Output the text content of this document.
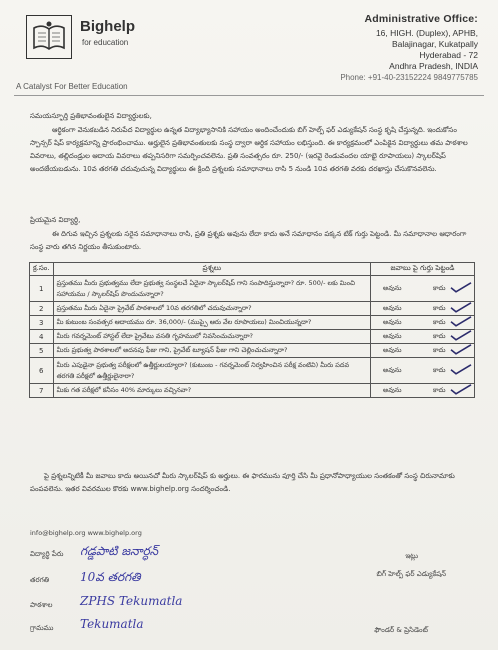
Bighelp
for education
A Catalyst For Better Education
Administrative Office:
16, HIGH. (Duplex), APHB,
Balajinagar, Kukatpally
Hyderabad - 72
Andhra Pradesh, INDIA
Phone: +91-40-23152224 9849775785
సమయస్ఫూర్తి ప్రతిభావంతులైన విద్యార్థులకు,

ఆర్థికంగా వెనుకబడిన నిరుపేద విద్యార్థుల ఉన్నత విద్యాభ్యాసానికి సహాయం అందించేందుకు బిగ్ హెల్ప్ ఫర్ ఎడ్యుకేషన్ సంస్థ కృషి చేస్తున్నది. ఇందుకోసం స్పాన్సర్ షిప్ కార్యక్రమాన్ని ప్రారంభించాము. అర్హులైన ప్రతిభావంతులకు సంస్థ ద్వారా ఆర్థిక సహాయం లభిస్తుంది. ఈ కార్యక్రమంలో ఎంపికైన విద్యార్థులు తమ పాఠశాల వివరాలు, తల్లిదండ్రుల ఆదాయ వివరాలు తప్పనిసరిగా సమర్పించవలెను. ప్రతి సంవత్సరం రూ. 250/- (ఇరవై రెండువందల యాభై రూపాయలు) స్కాలర్‌షిప్ అందజేయబడును. 10వ తరగతి చదువుచున్న విద్యార్థులు ఈ క్రింది ప్రశ్నలకు సమాధానాలు రాసి 5 నుండి 10వ తరగతి వరకు దరఖాస్తు చేసుకొనవలెను.

ప్రియమైన విద్యార్థి,

ఈ దిగువ ఇచ్చిన ప్రశ్నలకు సరైన సమాధానాలు రాసి, ప్రతి ప్రశ్నకు అవును లేదా కాదు అనే సమాధానం పక్కన టిక్ గుర్తు పెట్టండి. మీ సమాధానాల ఆధారంగా సంస్థ వారు తగిన నిర్ణయం తీసుకుంటారు.

క్ర.సం.	ప్రశ్నలు	జవాబు పై గుర్తు పెట్టండి
1	ప్రస్తుతము మీరు ప్రభుత్వము లేదా ప్రభుత్వ సంస్థలచే ఏదైనా స్కాలర్‌షిప్ గాని సంపాదిస్తున్నారా? రూ. 500/- లకు మించి సహాయము / స్కాలర్‌షిప్ పొందుచున్నారా?	అవును కాదు

2	ప్రస్తుతము మీరు ఏదైనా ప్రైవేట్ పాఠశాలలో 10వ తరగతిలో చదువుచున్నారా?	అవును కాదు

3	మీ కుటుంబ సంవత్సర ఆదాయము రూ. 36,000/- (ముప్పై ఆరు వేల రూపాయలు) మించియున్నదా?	అవును కాదు

4	మీరు గవర్నమెంట్ హాస్టల్ లేదా ప్రైవేటు వసతి గృహములో నివసించుచున్నారా?	అవును కాదు

5	మీరు ప్రభుత్వ పాఠశాలలో అదనపు ఫీజు గాని, ప్రైవేట్ ట్యూషన్ ఫీజు గాని చెల్లించుచున్నారా?	అవును కాదు

6	మీరు ఎపుడైనా ప్రభుత్వ పరీక్షలలో ఉత్తీర్ణులయ్యారా? (కుటుంబ - గవర్నమెంట్ నిర్వహించిన పరీక్ష వంటివి) మీరు పదవ తరగతి పరీక్షలో ఉత్తీర్ణులైనారా?	అవును కాదు

7	మీకు గత పరీక్షలో కనీసం 40% మార్కులు వచ్చినవా?	అవును కాదు

పై ప్రశ్నలన్నిటికీ మీ జవాబు కాదు అయినచో మీరు స్కాలర్‌షిప్ కు అర్హులు. ఈ ఫారమును పూర్తి చేసి మీ ప్రధానోపాధ్యాయుల సంతకంతో సంస్థ చిరునామాకు పంపవలెను. ఇతర వివరముల కొరకు www.bighelp.org సందర్శించండి.

info@bighelp.org www.bighelp.org
విద్యార్థి పేరు గడ్డపాటి జనార్ధన్
తరగతి	10వ తరగతి
పాఠశాల ZPHS Tekumatla
గ్రామము Tekumatla
ఇట్లు
బిగ్ హెల్ప్ ఫర్ ఎడ్యుకేషన్
ఫౌండర్ & ప్రెసిడెంట్
